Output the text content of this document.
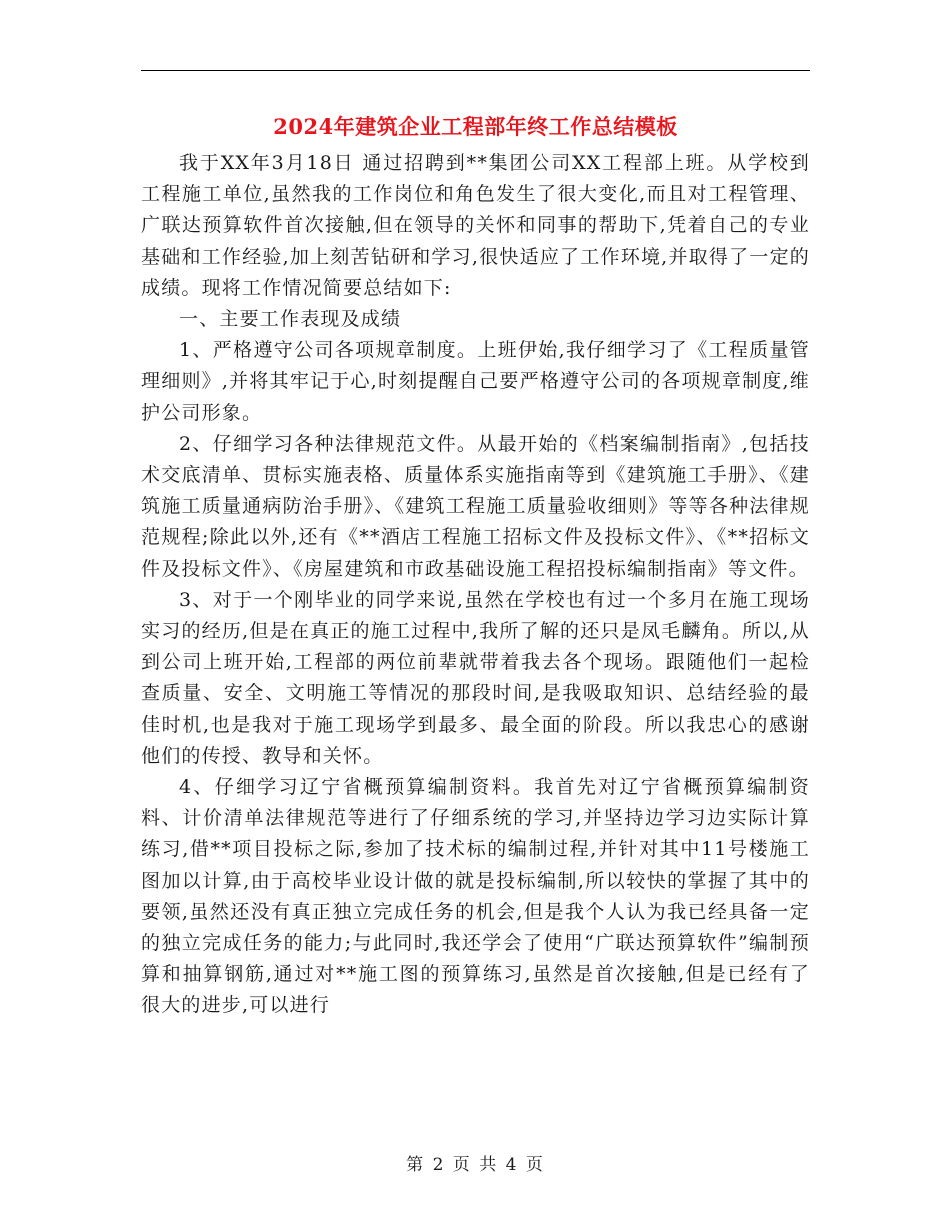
2024年建筑企业工程部年终工作总结模板

我于XX年3月18日 通过招聘到**集团公司XX工程部上班。从学校到工程施工单位,虽然我的工作岗位和角色发生了很大变化,而且对工程管理、广联达预算软件首次接触,但在领导的关怀和同事的帮助下,凭着自己的专业基础和工作经验,加上刻苦钻研和学习,很快适应了工作环境,并取得了一定的成绩。现将工作情况简要总结如下:

一、主要工作表现及成绩

1、严格遵守公司各项规章制度。上班伊始,我仔细学习了《工程质量管理细则》,并将其牢记于心,时刻提醒自己要严格遵守公司的各项规章制度,维护公司形象。

2、仔细学习各种法律规范文件。从最开始的《档案编制指南》,包括技术交底清单、贯标实施表格、质量体系实施指南等到《建筑施工手册》、《建筑施工质量通病防治手册》、《建筑工程施工质量验收细则》等等各种法律规范规程;除此以外,还有《**酒店工程施工招标文件及投标文件》、《**招标文件及投标文件》、《房屋建筑和市政基础设施工程招投标编制指南》等文件。

3、对于一个刚毕业的同学来说,虽然在学校也有过一个多月在施工现场实习的经历,但是在真正的施工过程中,我所了解的还只是凤毛麟角。所以,从到公司上班开始,工程部的两位前辈就带着我去各个现场。跟随他们一起检查质量、安全、文明施工等情况的那段时间,是我吸取知识、总结经验的最佳时机,也是我对于施工现场学到最多、最全面的阶段。所以我忠心的感谢他们的传授、教导和关怀。

4、仔细学习辽宁省概预算编制资料。我首先对辽宁省概预算编制资料、计价清单法律规范等进行了仔细系统的学习,并坚持边学习边实际计算练习,借**项目投标之际,参加了技术标的编制过程,并针对其中11号楼施工图加以计算,由于高校毕业设计做的就是投标编制,所以较快的掌握了其中的要领,虽然还没有真正独立完成任务的机会,但是我个人认为我已经具备一定的独立完成任务的能力;与此同时,我还学会了使用“广联达预算软件”编制预算和抽算钢筋,通过对**施工图的预算练习,虽然是首次接触,但是已经有了很大的进步,可以进行

第 2 页 共 4 页
